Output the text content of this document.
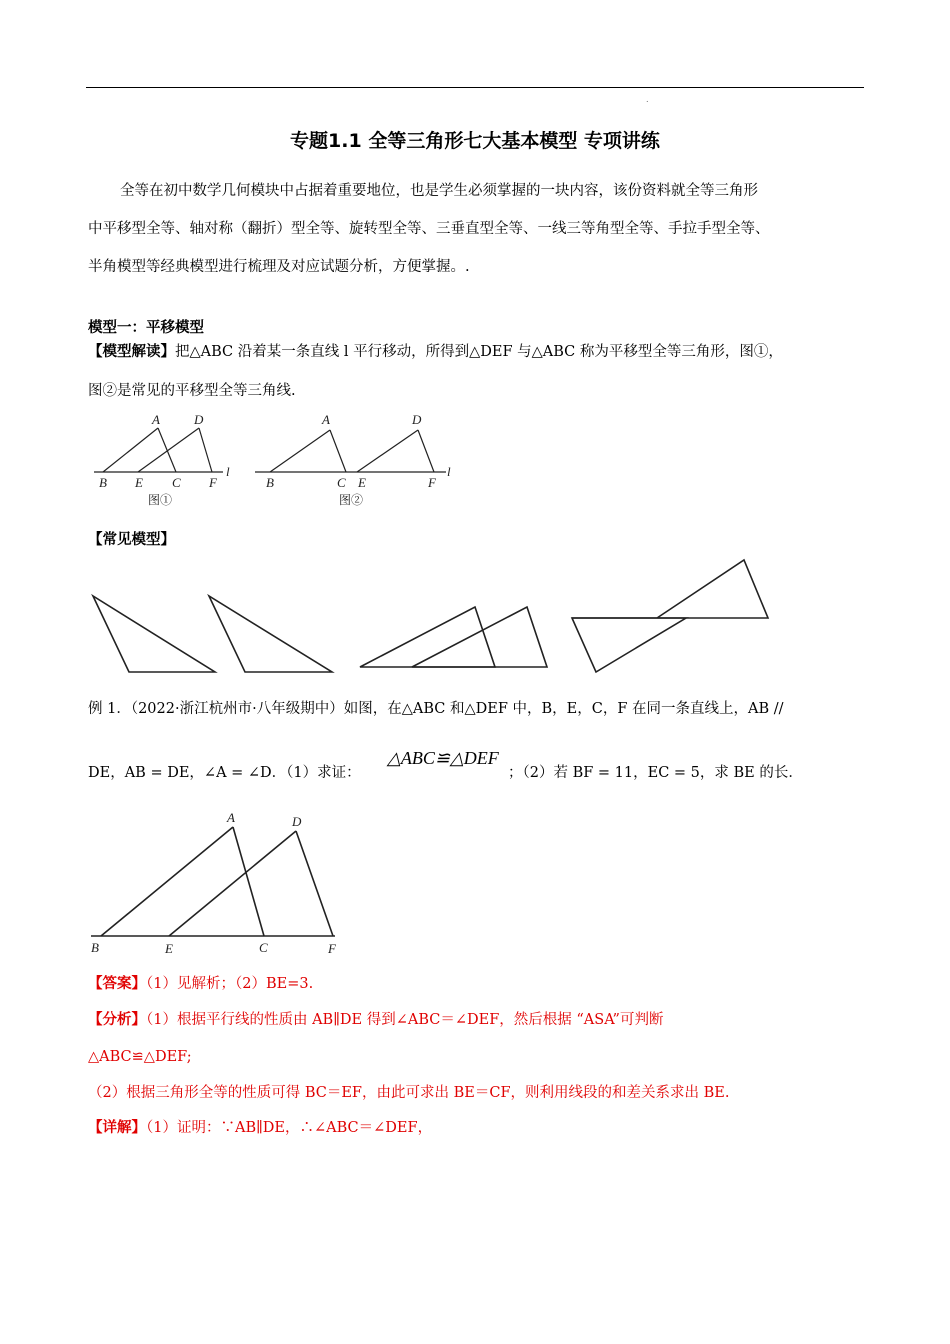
.
专题1.1 全等三角形七大基本模型 专项讲练
全等在初中数学几何模块中占据着重要地位，也是学生必须掌握的一块内容，该份资料就全等三角形
中平移型全等、轴对称（翻折）型全等、旋转型全等、三垂直型全等、一线三等角型全等、手拉手型全等、
半角模型等经典模型进行梳理及对应试题分析，方便掌握。.
模型一：平移模型
【模型解读】把△ABC 沿着某一条直线 l 平行移动，所得到△DEF 与△ABC 称为平移型全等三角形，图①，
图②是常见的平移型全等三角线.
A	D
B E C F
l
图①
A	D
B	C E	F
l
图②
【常见模型】
例 1．（2022·浙江杭州市·八年级期中）如图，在△ABC 和△DEF 中，B，E，C，F 在同一条直线上，AB //
DE，AB = DE，∠A = ∠D．（1）求证：
△ABC≌△DEF
；（2）若 BF = 11，EC = 5，求 BE 的长．
A	D
B	E	C	F
【答案】（1）见解析；（2）BE=3.
【分析】（1）根据平行线的性质由 AB∥DE 得到∠ABC＝∠DEF，然后根据 “ASA”可判断
△ABC≌△DEF;
（2）根据三角形全等的性质可得 BC＝EF，由此可求出 BE＝CF，则利用线段的和差关系求出 BE.
【详解】（1）证明：∵AB∥DE，∴∠ABC＝∠DEF，
